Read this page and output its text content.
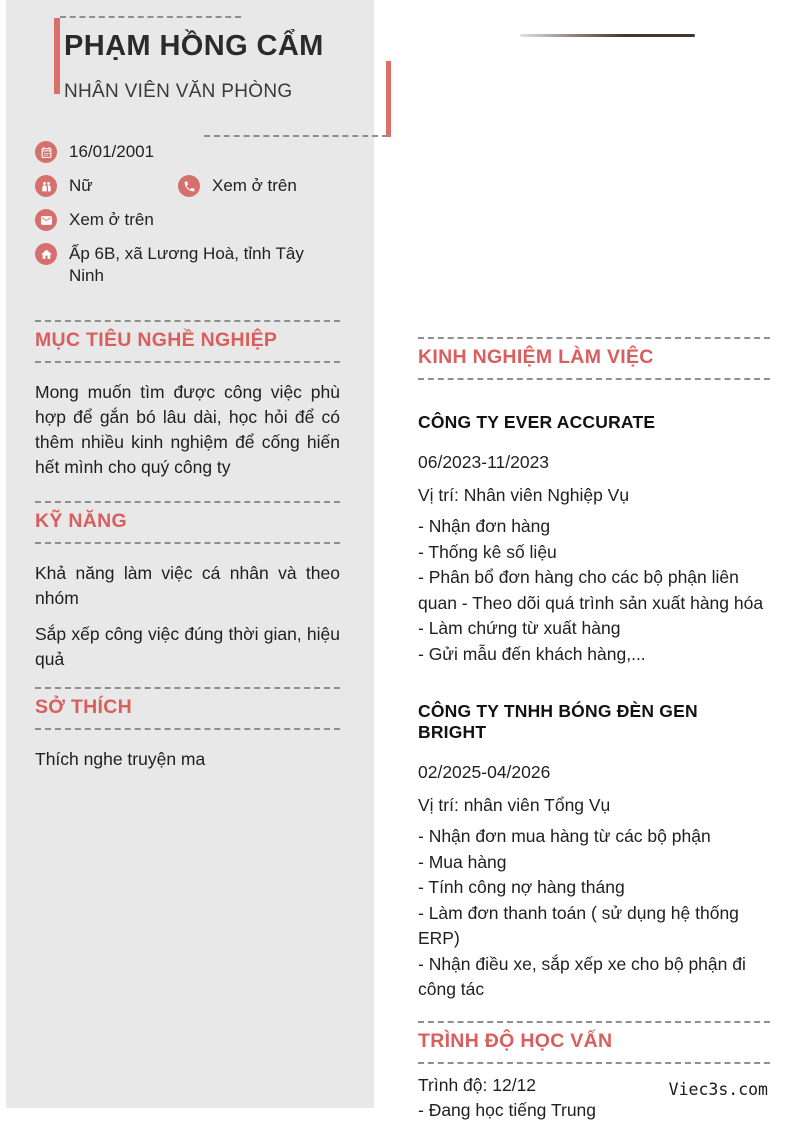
PHẠM HỒNG CẨM
NHÂN VIÊN VĂN PHÒNG
16/01/2001
Nữ	Xem ở trên
Xem ở trên
Ấp 6B, xã Lương Hoà, tỉnh Tây Ninh
MỤC TIÊU NGHỀ NGHIỆP

Mong muốn tìm được công việc phù hợp để gắn bó lâu dài, học hỏi để có thêm nhiều kinh nghiệm để cống hiến hết mình cho quý công ty

KỸ NĂNG

Khả năng làm việc cá nhân và theo nhóm

Sắp xếp công việc đúng thời gian, hiệu quả

SỞ THÍCH

Thích nghe truyện ma

KINH NGHIỆM LÀM VIỆC
CÔNG TY EVER ACCURATE
06/2023-11/2023
Vị trí: Nhân viên Nghiệp Vụ
- Nhận đơn hàng
- Thống kê số liệu
- Phân bổ đơn hàng cho các bộ phận liên quan - Theo dõi quá trình sản xuất hàng hóa
- Làm chứng từ xuất hàng
- Gửi mẫu đến khách hàng,...
CÔNG TY TNHH BÓNG ĐÈN GEN BRIGHT
02/2025-04/2026
Vị trí: nhân viên Tổng Vụ
- Nhận đơn mua hàng từ các bộ phận
- Mua hàng
- Tính công nợ hàng tháng
- Làm đơn thanh toán ( sử dụng hệ thống ERP)
- Nhận điều xe, sắp xếp xe cho bộ phận đi công tác
TRÌNH ĐỘ HỌC VẤN
Trình độ: 12/12
- Đang học tiếng Trung
Viec3s.com
